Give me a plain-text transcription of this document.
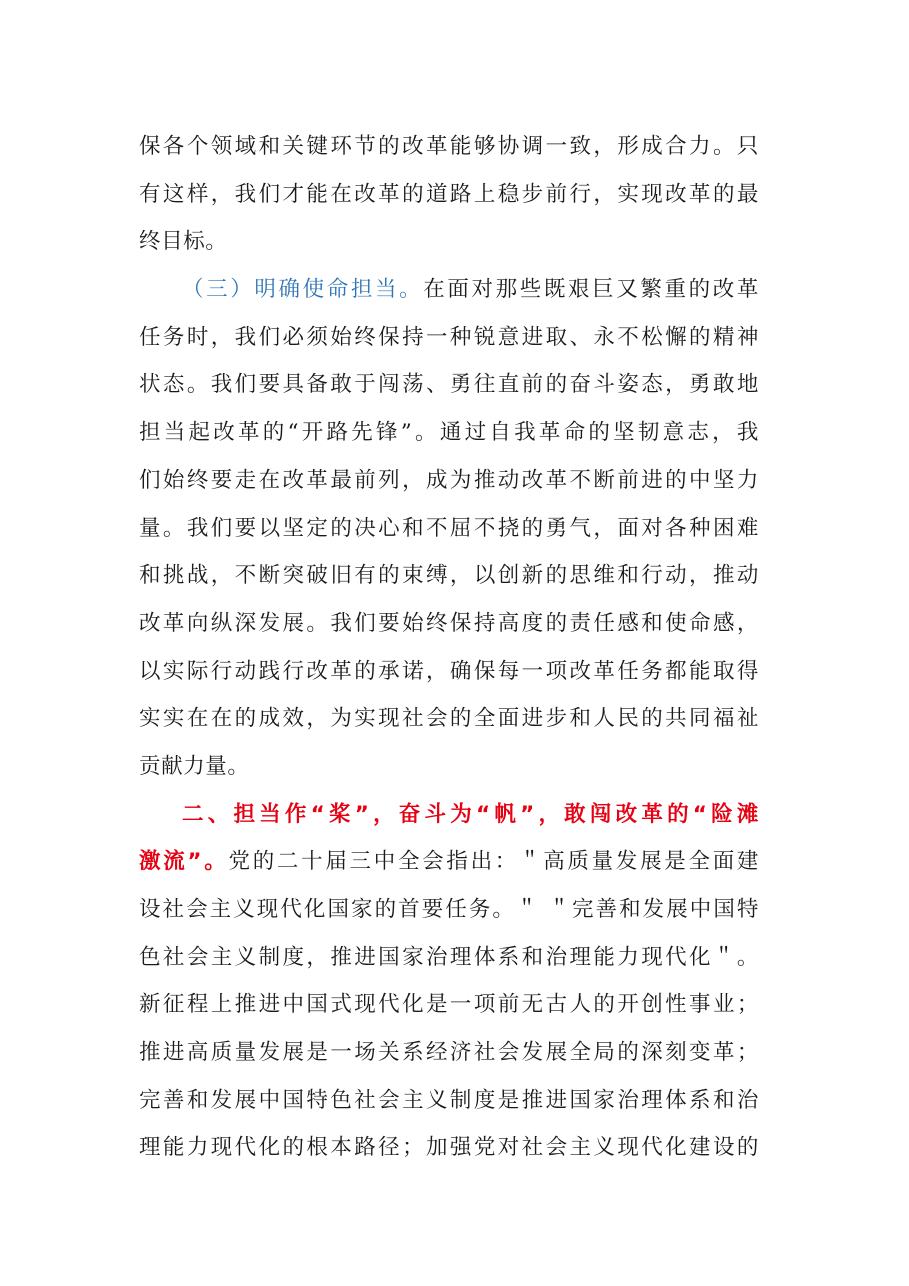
保各个领域和关键环节的改革能够协调一致，形成合力。只
有这样，我们才能在改革的道路上稳步前行，实现改革的最
终目标。
（三）明确使命担当。在面对那些既艰巨又繁重的改革
任务时，我们必须始终保持一种锐意进取、永不松懈的精神
状态。我们要具备敢于闯荡、勇往直前的奋斗姿态，勇敢地
担当起改革的“开路先锋”。通过自我革命的坚韧意志，我
们始终要走在改革最前列，成为推动改革不断前进的中坚力
量。我们要以坚定的决心和不屈不挠的勇气，面对各种困难
和挑战，不断突破旧有的束缚，以创新的思维和行动，推动
改革向纵深发展。我们要始终保持高度的责任感和使命感，
以实际行动践行改革的承诺，确保每一项改革任务都能取得
实实在在的成效，为实现社会的全面进步和人民的共同福祉
贡献力量。
二、担当作“桨”，奋斗为“帆”，敢闯改革的“险滩
激流”。党的二十届三中全会指出：＂高质量发展是全面建
设社会主义现代化国家的首要任务。＂ ＂完善和发展中国特
色社会主义制度，推进国家治理体系和治理能力现代化＂。
新征程上推进中国式现代化是一项前无古人的开创性事业；
推进高质量发展是一场关系经济社会发展全局的深刻变革；
完善和发展中国特色社会主义制度是推进国家治理体系和治
理能力现代化的根本路径；加强党对社会主义现代化建设的
